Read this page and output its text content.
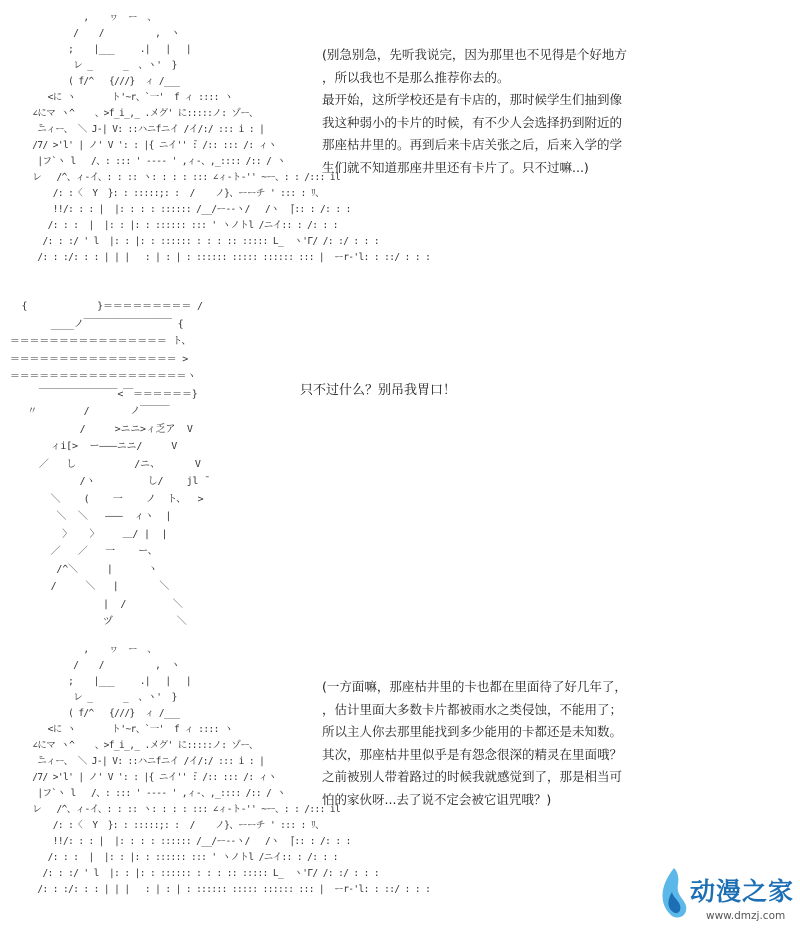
,    ヮ  ー  、
/    /          ,  ヽ
;    |___     .|   |   |
レ _      _  、ヽ'  }
( f/^   {///}  ィ /___
<に ヽ       ト'~r、`一'  f ィ :::: ヽ
∠にマ ヽ^    、>f_i_,_ .メグ' に:::::ノ: ゾー、
̄ニィー、 ＼ J-| V: ::ハニfニイ /イ/:/ ::: i : |
/7/ >'l' | ノ' V ': : |{ ニイ'' ̄: /:: ::: /: ィヽ
|フ`ヽ l   /、: ::: ' ---- ' ,ィ-、,_:::: /:: / ヽ
レ   /^、ィ-イ、: : :: ヽ: : : : ::: ∠ィ-ト-'' ~ー、: : /::: il
/: :〈  Y  }: : :::::;: :  /    ノ}、ーーチ ' ::: : ﾘ、
!!/: : : |  |: : : : :::::: /__/ー--ヽ/   /ヽ  ̄|:: : /: : :
/: : :  |  |: : |: : :::::: ::: ' ヽノトl /ニイ:: : /: : :
/: : :/ ' l  |: : |: : :::::: : : : :: ::::: L_  ヽ'Γ/ /: :/ : : :
/: : :/: : : | | |   : | : | : :::::: ::::: :::::: ::: |  ーr-'l: : ::/ : : :
(别急别急，先听我说完，因为那里也不见得是个好地方
，所以我也不是那么推荐你去的。
最开始，这所学校还是有卡店的，那时候学生们抽到像
我这种弱小的卡片的时候，有不少人会选择扔到附近的
那座枯井里的。再到后来卡店关张之后，后来入学的学
生们就不知道那座井里还有卡片了。只不过嘛...)
{            }＝＝＝＝＝＝＝＝＝ /
____ノ￣￣￣￣￣￣￣￣￣ {
＝＝＝＝＝＝＝＝＝＝＝＝＝＝＝＝ ト、
＝＝＝＝＝＝＝＝＝＝＝＝＝＝＝＝＝ >
＝＝＝＝＝＝＝＝＝＝＝＝＝＝＝＝＝＝ヽ
￣￣￣￣￣￣￣￣<￣＝＝＝＝＝＝}
〃        /       ノ￣￣￣
/     >ニニ>ィ乏ア  V
ィi[>  ー―――ニニ/     V
／   し          /ニ、      V
/ヽ         し/    jl ̄
＼    (    一    ノ  ト、  >
＼  ＼   ―――  ィヽ  |
〉   〉    ＿/ |  |
／   ／   一    ー、
/^＼     |      ヽ
/     ＼   |       ＼
|  /        ＼
ヅ           ＼
只不过什么？别吊我胃口！
,    ヮ  ー  、
/    /          ,  ヽ
;    |___     .|   |   |
レ _      _  、ヽ'  }
( f/^   {///}  ィ /___
<に ヽ       ト'~r、`一'  f ィ :::: ヽ
∠にマ ヽ^    、>f_i_,_ .メグ' に:::::ノ: ゾー、
̄ニィー、 ＼ J-| V: ::ハニfニイ /イ/:/ ::: i : |
/7/ >'l' | ノ' V ': : |{ ニイ'' ̄: /:: ::: /: ィヽ
|フ`ヽ l   /、: ::: ' ---- ' ,ィ-、,_:::: /:: / ヽ
レ   /^、ィ-イ、: : :: ヽ: : : : ::: ∠ィ-ト-'' ~ー、: : /::: il
/: :〈  Y  }: : :::::;: :  /    ノ}、ーーチ ' ::: : ﾘ、
!!/: : : |  |: : : : :::::: /__/ー--ヽ/   /ヽ  ̄|:: : /: : :
/: : :  |  |: : |: : :::::: ::: ' ヽノトl /ニイ:: : /: : :
/: : :/ ' l  |: : |: : :::::: : : : :: ::::: L_  ヽ'Γ/ /: :/ : : :
/: : :/: : : | | |   : | : | : :::::: ::::: :::::: ::: |  ーr-'l: : ::/ : : :
(一方面嘛，那座枯井里的卡也都在里面待了好几年了，
，估计里面大多数卡片都被雨水之类侵蚀，不能用了；
所以主人你去那里能找到多少能用的卡都还是未知数。
其次，那座枯井里似乎是有怨念很深的精灵在里面哦？
之前被别人带着路过的时候我就感觉到了，那是相当可
怕的家伙呀...去了说不定会被它诅咒哦？)
动漫之家
www.dmzj.com
